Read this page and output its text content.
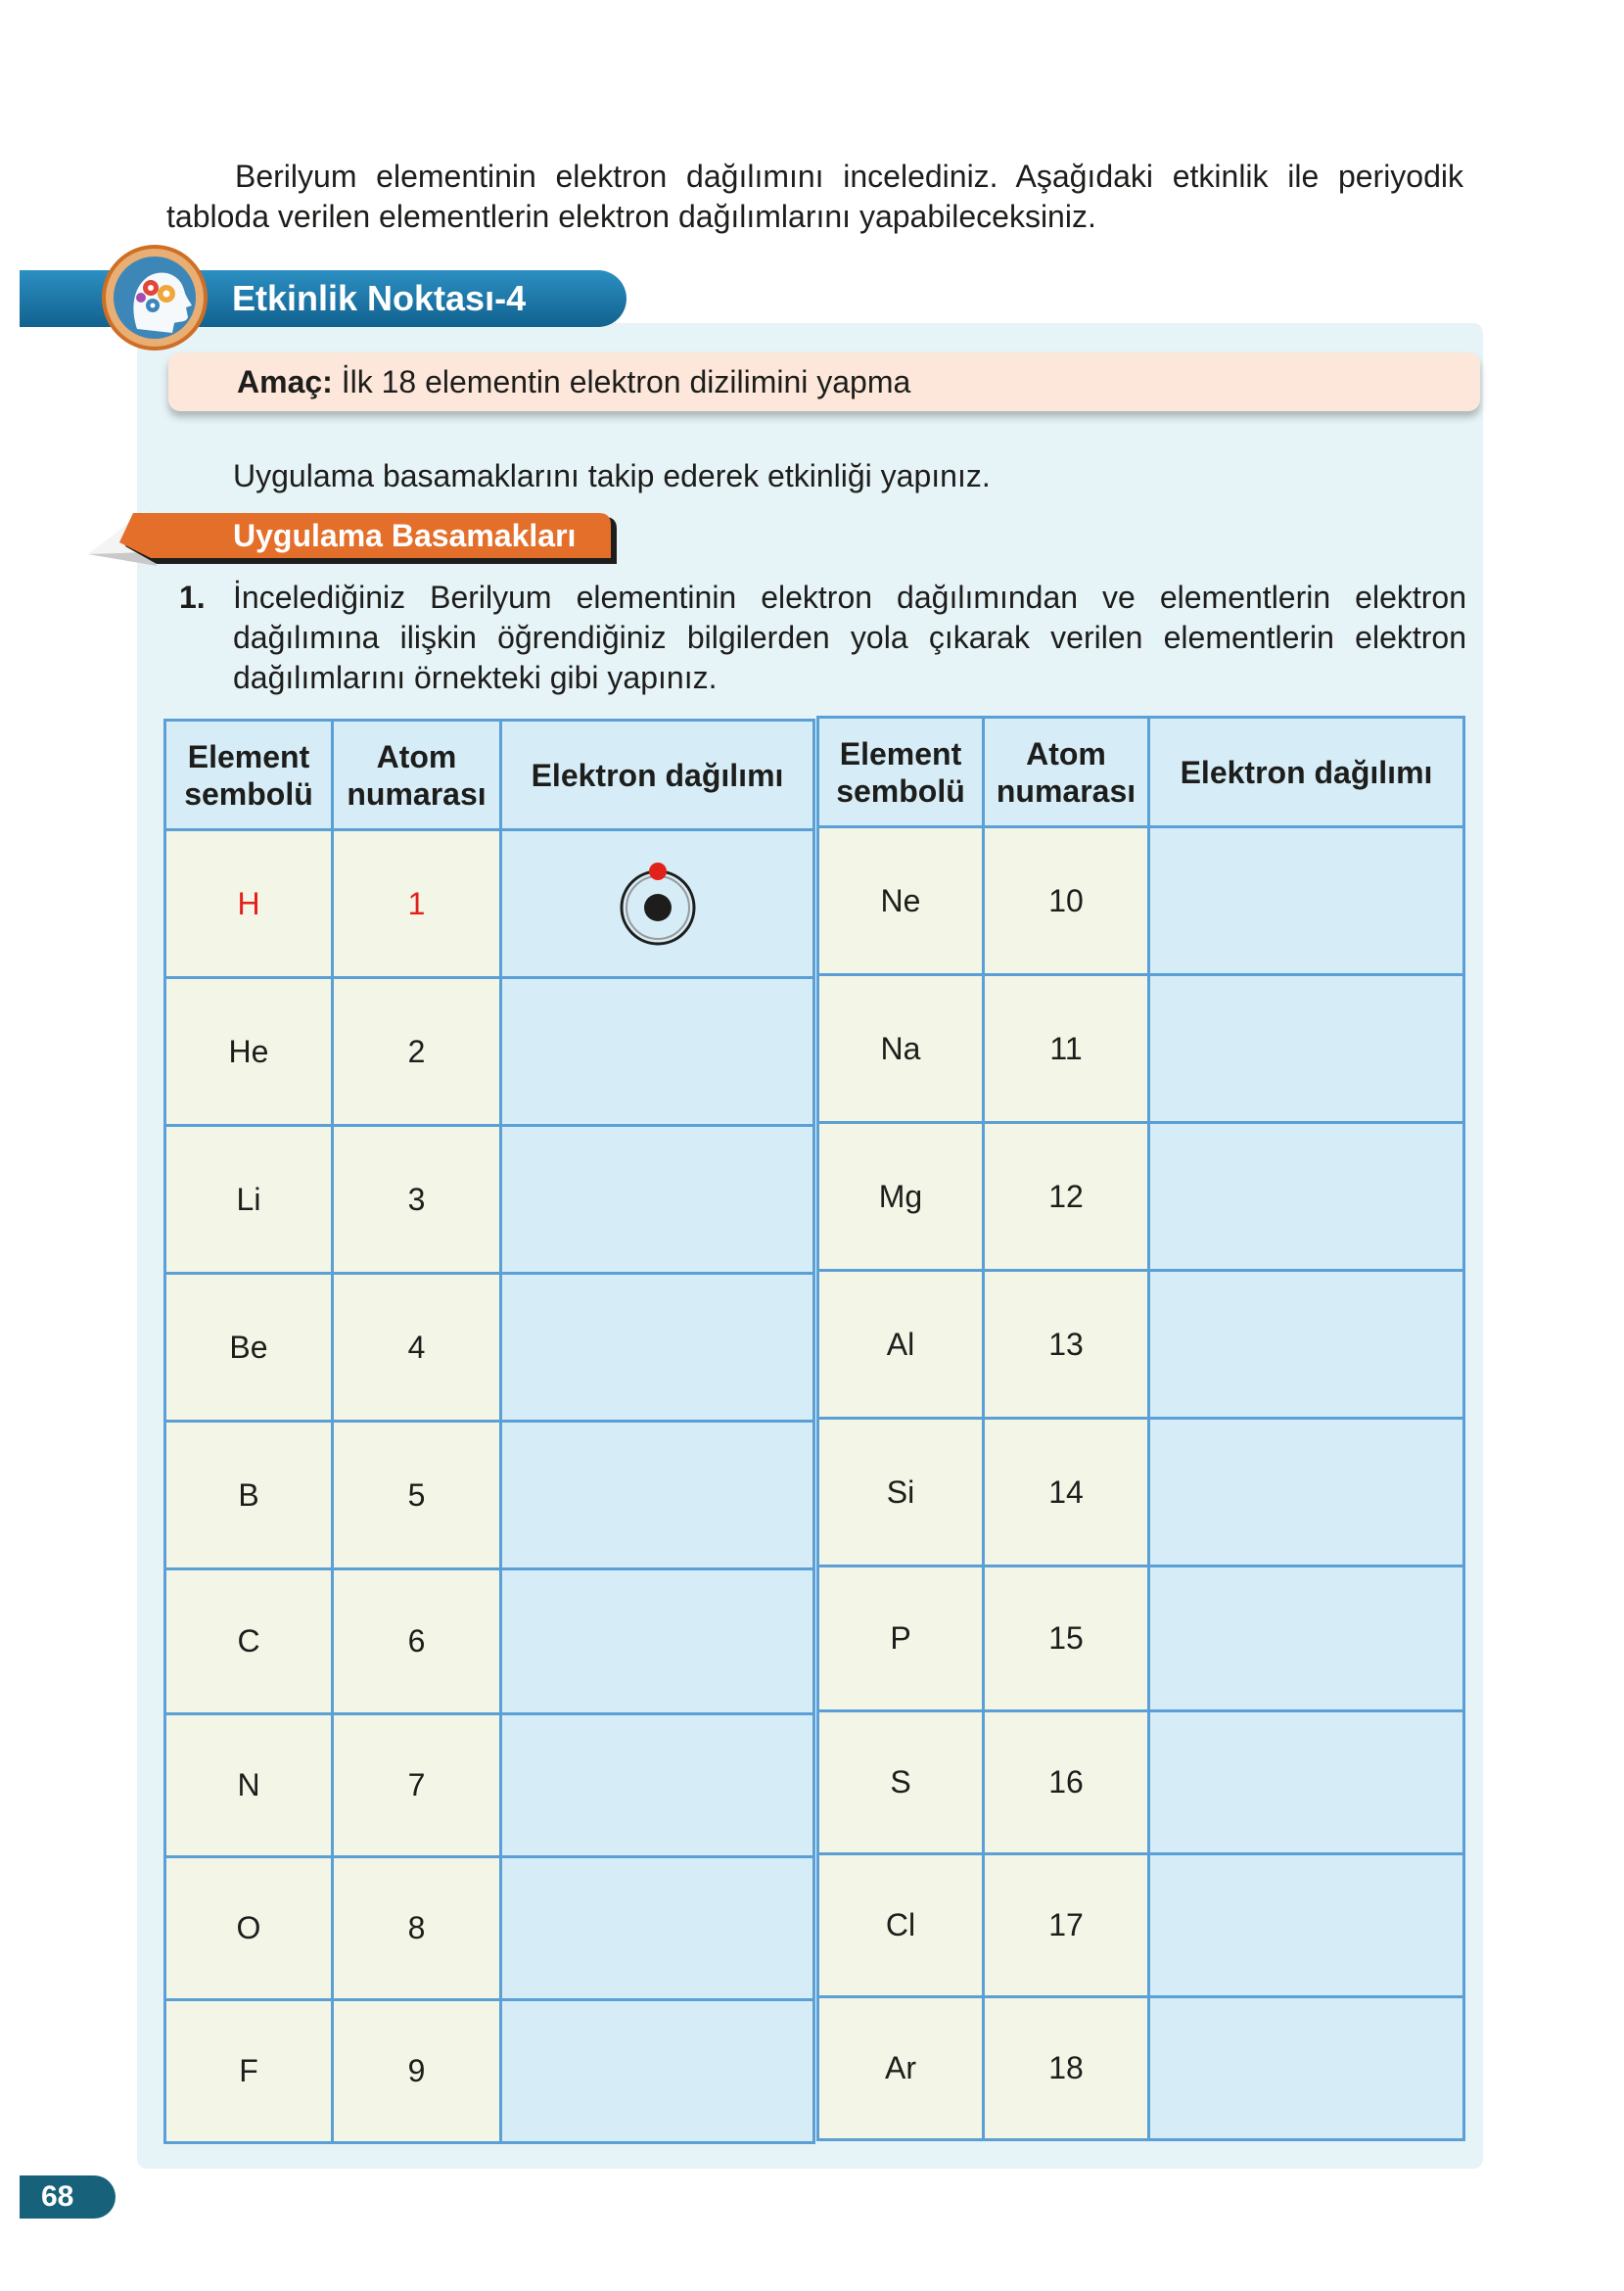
Berilyum elementinin elektron dağılımını incelediniz. Aşağıdaki etkinlik ile periyodik tabloda verilen elementlerin elektron dağılımlarını yapabileceksiniz.

Etkinlik Noktası-4
Amaç: İlk 18 elementin elektron dizilimini yapma
Uygulama basamaklarını takip ederek etkinliği yapınız.
Uygulama Basamakları
1. İncelediğiniz Berilyum elementinin elektron dağılımından ve elementlerin elektron dağılımına ilişkin öğrendiğiniz bilgilerden yola çıkarak verilen elementlerin elektron dağılımlarını örnekteki gibi yapınız.
Element sembolü	Atom numarası	Elektron dağılımı
H	1	

He	2	
Li	3	
Be	4	
B	5	
C	6	
N	7	
O	8	
F	9	
Element sembolü	Atom numarası	Elektron dağılımı
Ne	10	
Na	11	
Mg	12	
Al	13	
Si	14	
P	15	
S	16	
Cl	17	
Ar	18	
68
